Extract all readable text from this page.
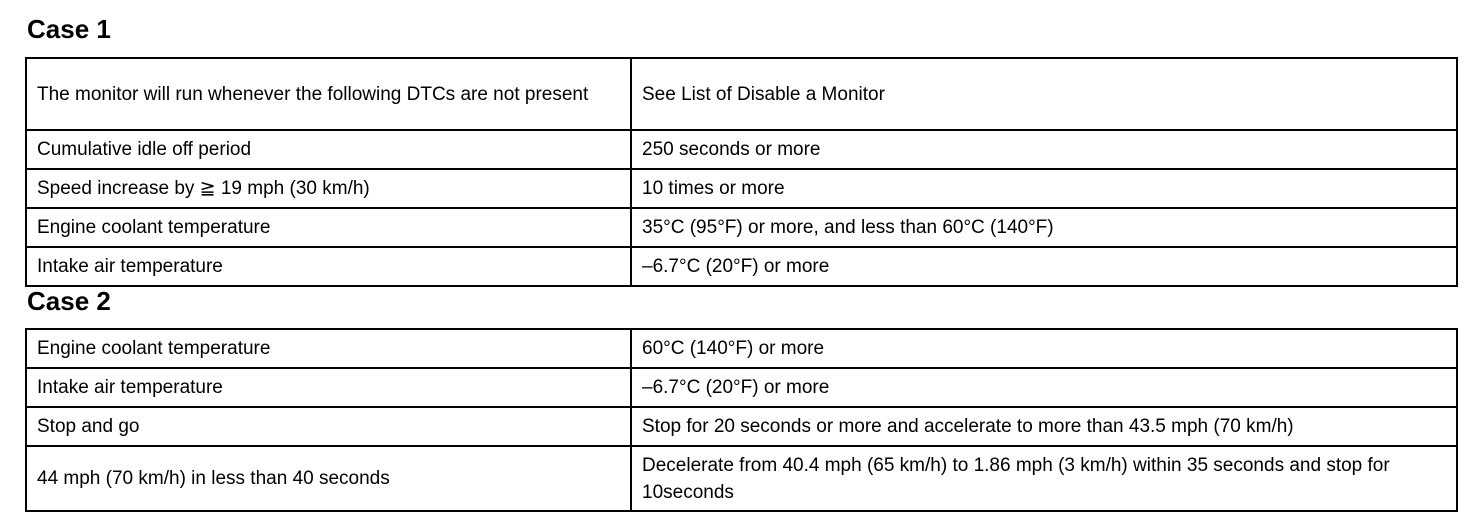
Case 1
The monitor will run whenever the following DTCs are not present	See List of Disable a Monitor
Cumulative idle off period	250 seconds or more
Speed increase by ≧ 19 mph (30 km/h)	10 times or more
Engine coolant temperature	35°C (95°F) or more, and less than 60°C (140°F)
Intake air temperature	–6.7°C (20°F) or more
Case 2
Engine coolant temperature	60°C (140°F) or more
Intake air temperature	–6.7°C (20°F) or more
Stop and go	Stop for 20 seconds or more and accelerate to more than 43.5 mph (70 km/h)
44 mph (70 km/h) in less than 40 seconds	Decelerate from 40.4 mph (65 km/h) to 1.86 mph (3 km/h) within 35 seconds and stop for 10seconds
